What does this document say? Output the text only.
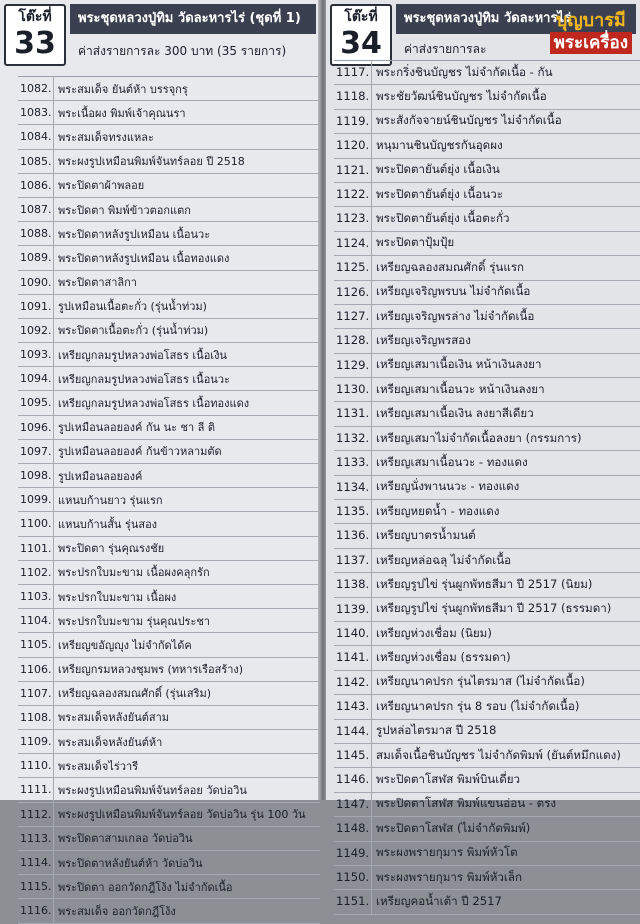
โต๊ะที่
33
พระชุดหลวงปู่ทิม วัดละหารไร่ (ชุดที่ 1)
ค่าส่งรายการละ 300 บาท (35 รายการ)
1082. พระสมเด็จ ยันต์ห้า บรรจุกรุ
1083. พระเนื้อผง พิมพ์เจ้าคุณนรา
1084. พระสมเด็จทรงแหละ
1085. พระผงรูปเหมือนพิมพ์จันทร์ลอย ปี 2518
1086. พระปิดตาผ้าพลอย
1087. พระปิดตา พิมพ์ข้าวตอกแตก
1088. พระปิดตาหลังรูปเหมือน เนื้อนวะ
1089. พระปิดตาหลังรูปเหมือน เนื้อทองแดง
1090. พระปิดตาสาลิกา
1091. รูปเหมือนเนื้อตะกั่ว (รุ่นน้ำท่วม)
1092. พระปิดตาเนื้อตะกั่ว (รุ่นน้ำท่วม)
1093. เหรียญกลมรูปหลวงพ่อโสธร เนื้อเงิน
1094. เหรียญกลมรูปหลวงพ่อโสธร เนื้อนวะ
1095. เหรียญกลมรูปหลวงพ่อโสธร เนื้อทองแดง
1096. รูปเหมือนลอยองค์ กัน นะ ชา ลี ติ
1097. รูปเหมือนลอยองค์ ก้นข้าวหลามตัด
1098. รูปเหมือนลอยองค์
1099. แหนบก้านยาว รุ่นแรก
1100. แหนบก้านสั้น รุ่นสอง
1101. พระปิดตา รุ่นคุณรงชัย
1102. พระปรกใบมะขาม เนื้อผงคลุกรัก
1103. พระปรกใบมะขาม เนื้อผง
1104. พระปรกใบมะขาม รุ่นคุณประชา
1105. เหรียญขอัญญุง ไม่จำกัดได้ค
1106. เหรียญกรมหลวงชุมพร (ทหารเรือสร้าง)
1107. เหรียญฉลองสมณศักดิ์ (รุ่นเสริม)
1108. พระสมเด็จหลังยันต์สาม
1109. พระสมเด็จหลังยันต์ห้า
1110. พระสมเด็จไร่วารี
1111. พระผงรูปเหมือนพิมพ์จันทร์ลอย วัดบ่อวิน
1112. พระผงรูปเหมือนพิมพ์จันทร์ลอย วัดบ่อวิน รุ่น 100 วัน
1113. พระปิดตาสามเกลอ วัดบ่อวิน
1114. พระปิดตาหลังยันต์ห้า วัดบ่อวิน
1115. พระปิดตา ออกวัดกฎีโง้ง ไม่จำกัดเนื้อ
1116. พระสมเด็จ ออกวัดกฎีโง้ง
โต๊ะที่
34
พระชุดหลวงปู่ทิม วัดละหารไร่
ค่าส่งรายการละ
บุญบารมี
พระเครื่อง
1117. พระกริ่งชินบัญชร ไม่จำกัดเนื้อ - กัน
1118. พระชัยวัฒน์ชินบัญชร ไม่จำกัดเนื้อ
1119. พระสังกัจจายน์ชินบัญชร ไม่จำกัดเนื้อ
1120. หนุมานชินบัญชรกันอุดผง
1121. พระปิดตายันต์ยุ่ง เนื้อเงิน
1122. พระปิดตายันต์ยุ่ง เนื้อนวะ
1123. พระปิดตายันต์ยุ่ง เนื้อตะกั่ว
1124. พระปิดตาปุ้มปุ้ย
1125. เหรียญฉลองสมณศักดิ์ รุ่นแรก
1126. เหรียญเจริญพรบน ไม่จำกัดเนื้อ
1127. เหรียญเจริญพรล่าง ไม่จำกัดเนื้อ
1128. เหรียญเจริญพรสอง
1129. เหรียญเสมาเนื้อเงิน หน้าเงินลงยา
1130. เหรียญเสมาเนื้อนวะ หน้าเงินลงยา
1131. เหรียญเสมาเนื้อเงิน ลงยาสีเดียว
1132. เหรียญเสมาไม่จำกัดเนื้อลงยา (กรรมการ)
1133. เหรียญเสมาเนื้อนวะ - ทองแดง
1134. เหรียญนั่งพานนวะ - ทองแดง
1135. เหรียญหยดน้ำ - ทองแดง
1136. เหรียญบาตรน้ำมนต์
1137. เหรียญหล่อฉลุ ไม่จำกัดเนื้อ
1138. เหรียญรูปไข่ รุ่นผูกพัทธสีมา ปี 2517 (นิยม)
1139. เหรียญรูปไข่ รุ่นผูกพัทธสีมา ปี 2517 (ธรรมดา)
1140. เหรียญห่วงเชื่อม (นิยม)
1141. เหรียญห่วงเชื่อม (ธรรมดา)
1142. เหรียญนาคปรก รุ่นไตรมาส (ไม่จำกัดเนื้อ)
1143. เหรียญนาคปรก รุ่น 8 รอบ (ไม่จำกัดเนื้อ)
1144. รูปหล่อไตรมาส ปี 2518
1145. สมเด็จเนื้อชินบัญชร ไม่จำกัดพิมพ์ (ยันต์หมึกแดง)
1146. พระปิดตาโสฬส พิมพ์บินเดี่ยว
1147. พระปิดตาโสฬส พิมพ์แขนอ่อน - ตรง
1148. พระปิดตาโสฬส (ไม่จำกัดพิมพ์)
1149. พระผงพรายกุมาร พิมพ์หัวโต
1150. พระผงพรายกุมาร พิมพ์หัวเล็ก
1151. เหรียญคอน้ำเต้า ปี 2517
